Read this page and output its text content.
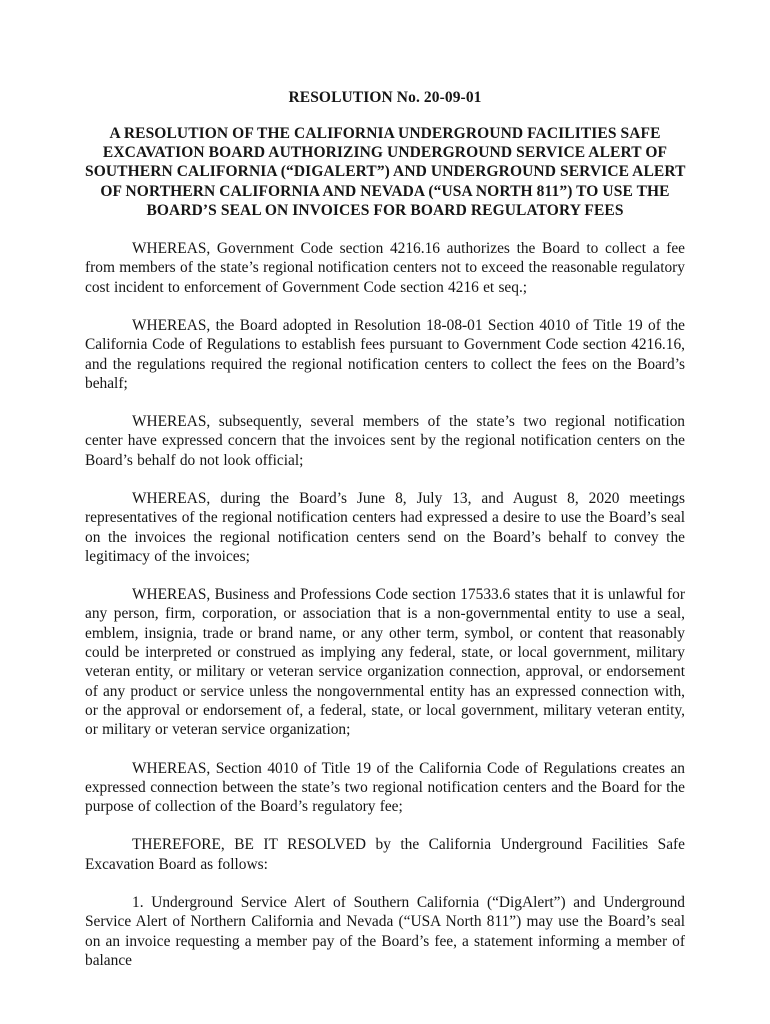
RESOLUTION No. 20-09-01
A RESOLUTION OF THE CALIFORNIA UNDERGROUND FACILITIES SAFE
EXCAVATION BOARD AUTHORIZING UNDERGROUND SERVICE ALERT OF
SOUTHERN CALIFORNIA (“DIGALERT”) AND UNDERGROUND SERVICE ALERT
OF NORTHERN CALIFORNIA AND NEVADA (“USA NORTH 811”) TO USE THE
BOARD’S SEAL ON INVOICES FOR BOARD REGULATORY FEES

WHEREAS, Government Code section 4216.16 authorizes the Board to collect a fee from members of the state’s regional notification centers not to exceed the reasonable regulatory cost incident to enforcement of Government Code section 4216 et seq.;

WHEREAS, the Board adopted in Resolution 18-08-01 Section 4010 of Title 19 of the California Code of Regulations to establish fees pursuant to Government Code section 4216.16, and the regulations required the regional notification centers to collect the fees on the Board’s behalf;

WHEREAS, subsequently, several members of the state’s two regional notification center have expressed concern that the invoices sent by the regional notification centers on the Board’s behalf do not look official;

WHEREAS, during the Board’s June 8, July 13, and August 8, 2020 meetings representatives of the regional notification centers had expressed a desire to use the Board’s seal on the invoices the regional notification centers send on the Board’s behalf to convey the legitimacy of the invoices;

WHEREAS, Business and Professions Code section 17533.6 states that it is unlawful for any person, firm, corporation, or association that is a non-governmental entity to use a seal, emblem, insignia, trade or brand name, or any other term, symbol, or content that reasonably could be interpreted or construed as implying any federal, state, or local government, military veteran entity, or military or veteran service organization connection, approval, or endorsement of any product or service unless the nongovernmental entity has an expressed connection with, or the approval or endorsement of, a federal, state, or local government, military veteran entity, or military or veteran service organization;

WHEREAS, Section 4010 of Title 19 of the California Code of Regulations creates an expressed connection between the state’s two regional notification centers and the Board for the purpose of collection of the Board’s regulatory fee;

THEREFORE, BE IT RESOLVED by the California Underground Facilities Safe Excavation Board as follows:

1. Underground Service Alert of Southern California (“DigAlert”) and Underground Service Alert of Northern California and Nevada (“USA North 811”) may use the Board’s seal on an invoice requesting a member pay of the Board’s fee, a statement informing a member of balance
